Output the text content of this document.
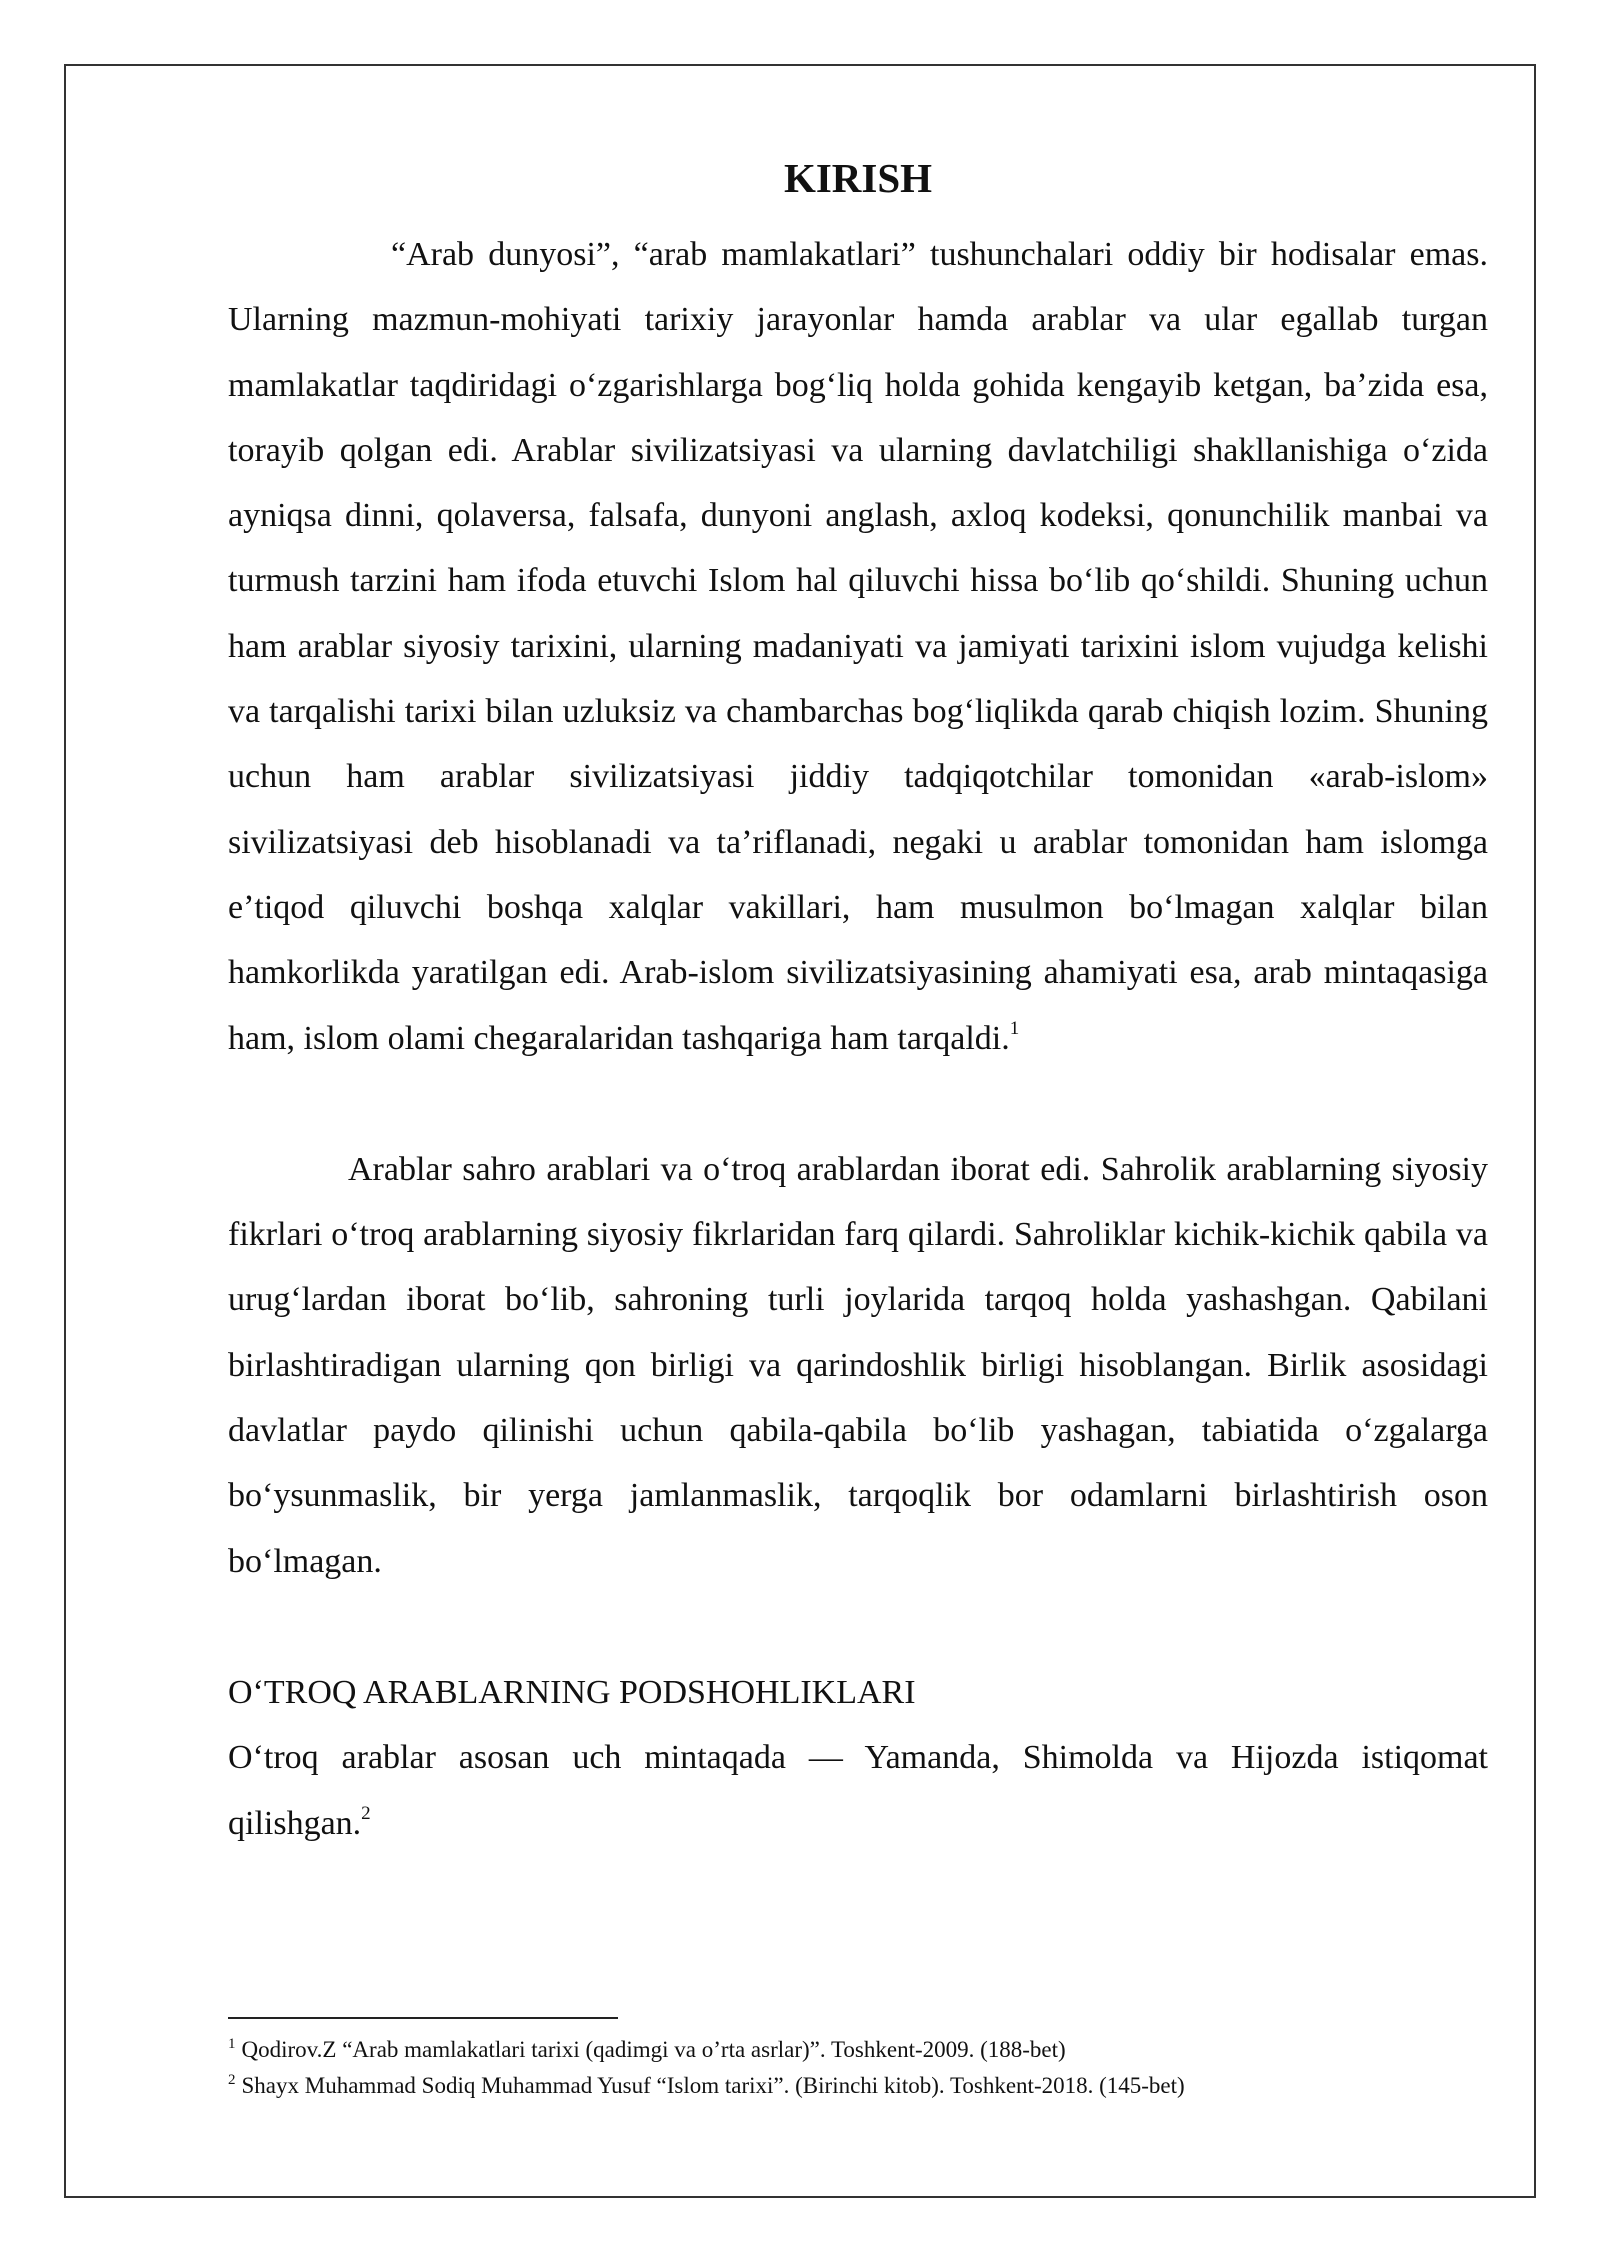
KIRISH

“Arab dunyosi”, “arab mamlakatlari” tushunchalari oddiy bir hodisalar emas. Ularning mazmun-mohiyati tarixiy jarayonlar hamda arablar va ular egallab turgan mamlakatlar taqdiridagi oʻzgarishlarga bogʻliq holda gohida kengayib ketgan, baʼzida esa, torayib qolgan edi. Arablar sivilizatsiyasi va ularning davlatchiligi shakllanishiga oʻzida ayniqsa dinni, qolaversa, falsafa, dunyoni anglash, axloq kodeksi, qonunchilik manbai va turmush tarzini ham ifoda etuvchi Islom hal qiluvchi hissa boʻlib qoʻshildi. Shuning uchun ham arablar siyosiy tarixini, ularning madaniyati va jamiyati tarixini islom vujudga kelishi va tarqalishi tarixi bilan uzluksiz va chambarchas bogʻliqlikda qarab chiqish lozim. Shuning uchun ham arablar sivilizatsiyasi jiddiy tadqiqotchilar tomonidan «arab-islom» sivilizatsiyasi deb hisoblanadi va taʼriflanadi, negaki u arablar tomonidan ham islomga eʼtiqod qiluvchi boshqa xalqlar vakillari, ham musulmon boʻlmagan xalqlar bilan hamkorlikda yaratilgan edi. Arab-islom sivilizatsiyasining ahamiyati esa, arab mintaqasiga ham, islom olami chegaralaridan tashqariga ham tarqaldi.$^1$

Arablar sahro arablari va oʻtroq arablardan iborat edi. Sahrolik arablarning siyosiy fikrlari oʻtroq arablarning siyosiy fikrlaridan farq qilardi. Sahroliklar kichik-kichik qabila va urugʻlardan iborat boʻlib, sahroning turli joylarida tarqoq holda yashashgan. Qabilani birlashtiradigan ularning qon birligi va qarindoshlik birligi hisoblangan. Birlik asosidagi davlatlar paydo qilinishi uchun qabila-qabila boʻlib yashagan, tabiatida oʻzgalarga boʻysunmaslik, bir yerga jamlanmaslik, tarqoqlik bor odamlarni birlashtirish oson boʻlmagan.

OʻTROQ ARABLARNING PODSHOHLIKLARI

Oʻtroq arablar asosan uch mintaqada — Yamanda, Shimolda va Hijozda istiqomat qilishgan.$^2$

$^1$ Qodirov.Z “Arab mamlakatlari tarixi (qadimgi va o’rta asrlar)”. Toshkent-2009. (188-bet)

$^2$ Shayx Muhammad Sodiq Muhammad Yusuf “Islom tarixi”. (Birinchi kitob). Toshkent-2018. (145-bet)
